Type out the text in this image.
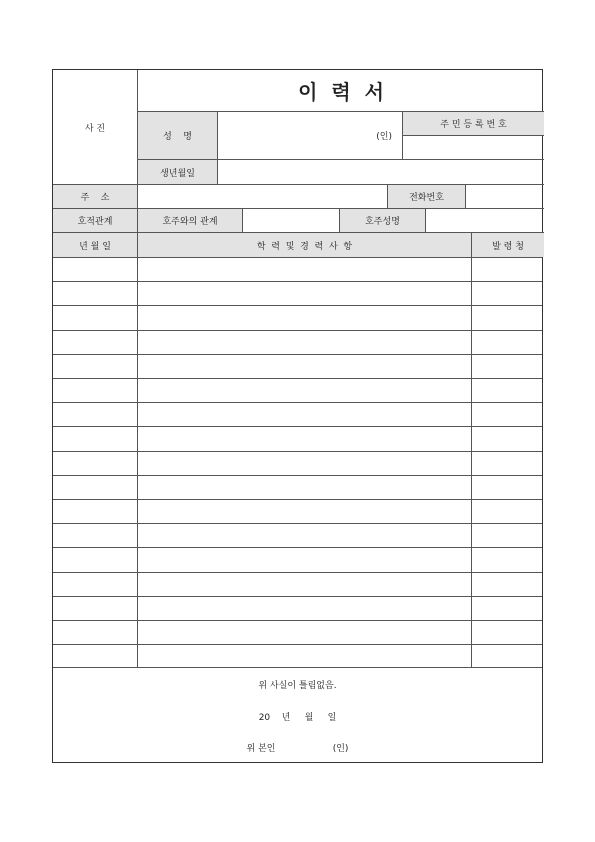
사 진
이  력  서
성    명	(인)
주 민 등 록 번 호
생년월일
주    소	전화번호
호적관계	호주와의 관계	호주성명
년 월 일	학  력  및  경  력  사  항	발 령 청
위 사실이 틀림없음.
20    년     월     일
위 본인                    (인)
